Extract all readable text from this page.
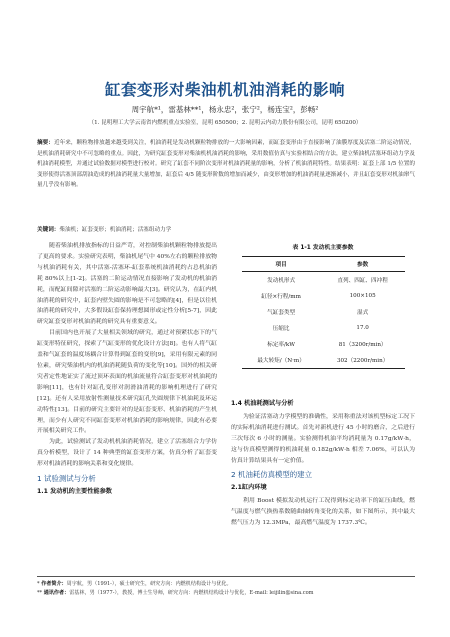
缸套变形对柴油机机油消耗的影响
周宇航*¹，雷基林**¹，杨永忠²，张宁²，杨连宝²，彭畅²
（1. 昆明理工大学云南省内燃机重点实验室，昆明 650500；2. 昆明云内动力股份有限公司，昆明 650200）
摘要：近年来，颗粒物排放越来越受到关注，机油消耗是发动机颗粒物排放的一大影响因素，而缸套变形由于直接影响了油膜厚度及活塞二阶运动情况，是机油消耗研究中不可忽略的重点。因此，为研究缸套变形对柴油机机油消耗的影响，采用数值仿真与实验相结合的方法，建立柴油机活塞环组动力学及机油消耗模型，并通过试验数据对模型进行校对。研究了缸套不同阶次变形对机油消耗量的影响，分析了机油消耗特性。结果表明：缸套上部 1/5 位置的变形使得活塞顶部刮油造成的机油消耗量大量增加，缸套后 4/5 随变形阶数的增加而减少，由变形增加的机油消耗量逐渐减小，并且缸套变形对机油窜气量几乎没有影响。
关键词：柴油机；缸套变形；机油消耗；活塞组动力学

随着柴油机排放指标的日益严苛，对控制柴油机颗粒物排放提出了更高的要求。实验研究表明，柴油机尾气中 40%左右的颗粒排放物与机油消耗有关，其中活塞-活塞环-缸套系统机油消耗约占总机油消耗 80%以上[1-2]。活塞的二阶运动情况直接影响了发动机的机油消耗，而配缸间隙对活塞的二阶运动影响最大[3]。研究认为，在缸内机油消耗的研究中，缸套内壁失圆的影响是不可忽略的[4]，但是以往机油消耗的研究中，大多假设缸套保持理想圆形或定性分析[5-7]，因此研究缸套变形对机油消耗的研究具有重要意义。

目前国内也开展了大量相关领域的研究，通过对预紧状态下的气缸变形特征研究，探索了气缸变形的优化设计方法[8]。也有人将气缸盖和气缸套的温度场耦合计算得到缸套的变形[9]，采用有限元素的同位素，研究柴油机内的机油消耗随负荷的变化等[10]。国外的相关研究者定性地证实了流过顶环表面的机油流量符合缸套变形对机油耗的影响[11]，也有针对缸孔变形对润滑油消耗的影响机理进行了研究[12]。还有人采用放射性测量技术研究缸孔失圆规律下机油耗及环运动特性[13]。目前的研究主要针对的是缸套变形、机油消耗的产生机理，而少有人研究不同缸套变形对机油消耗的影响规律，因此有必要开展相关研究工作。

为此，试验测试了发动机机油消耗情况，建立了活塞组合力学仿真分析模型，设计了 14 种典型的缸套变形方案，仿真分析了缸套变形对机油消耗的影响关系和变化规律。

1 试验测试与分析
1.1 发动机的主要性能参数
表 1-1 发动机主要参数
项目	参数
发动机形式	直列、四缸、四冲程
缸径×行程/mm	100×105
气缸套类型	湿式
压缩比	17.0
标定率/kW	81（3200r/min）
最大转矩/（N·m）	302（2200r/min）
1.4 机油耗测试与分析

为验证活塞动力学模型的准确性，采用称重法对该机型标定工况下的实际机油消耗进行测试。首先对新机进行 45 小时的磨合，之后进行三次每次 6 小时的测量。实验测得机油平均消耗量为 0.17g/kW·h，这与仿真模型测得的机油耗量 0.182g/kW·h 相差 7.06%，可以认为仿真计算结果具有一定价值。

2 机油耗仿真模型的建立
2.1缸内环境

利用 Boost 模拟发动机运行工况得到标定功率下的缸压曲线，燃气温度与燃气换热系数随曲轴转角变化的关系，如下图所示，其中最大燃气压力为 12.3MPa，最高燃气温度为 1737.3℃。

* 作者简介：周宇航，男（1991-），硕士研究生，研究方向：内燃机结构设计与优化。
** 通讯作者：雷基林，男（1977-），教授，博士生导师，研究方向：内燃机结构设计与优化，E-mail: leijilin@sina.com
